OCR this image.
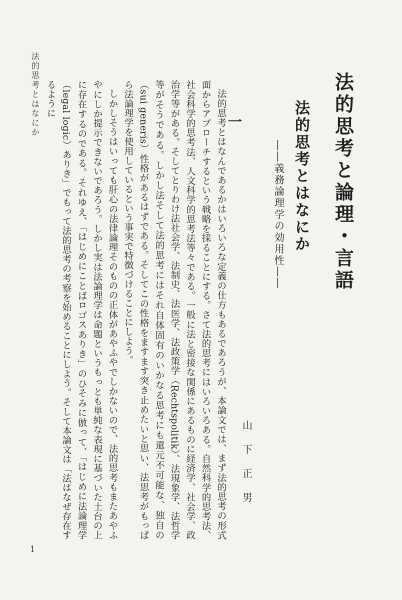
法的思考とはなにか
1
法的思考と論理・言語
法的思考とはなにか
――義務論理学の効用性――
一
山下正男

法的思考とはなんであるかはいろいろな定義の仕方もあるであろうが、本論文では、まず法的思考の形式面からアプローチするという戦略を採ることにする。さて法的思考にはいろいろある。自然科学的思考法、社会科学的思考法、人文科学的思考法等々である。一般に法と密接な関係にあるものに経済学、社会学、政治学等がある。そしてとりわけ法社会学、法制史、法医学、法政策学（Rechtspolitik）、法現象学、法哲学等がそうである。しかし法そして法的思考にはそれ自体固有のいかなる思考にも還元不可能な、独自の（sui generis）性格があるはずである。そしてこの性格をますます突き止めたいと思い、法思考がもっぱら法論理学を使用しているという事実で特徴づけることにしよう。

しかしそうはいっても肝心の法律論理そのものの正体があやふやでしかないので、法的思考もまたあやふやにしか提示できないであろう。しかし実は法論理学は命題というもっとも単純な表現に基づいた土台の上に存在するのである。それゆえ、「はじめにことばロゴスありき」のひそみに倣って、「はじめに法論理学（legal logic）ありき」でもって法的思考の考察を始めることにしよう。そして本論文は「法はなぜ存在するように
